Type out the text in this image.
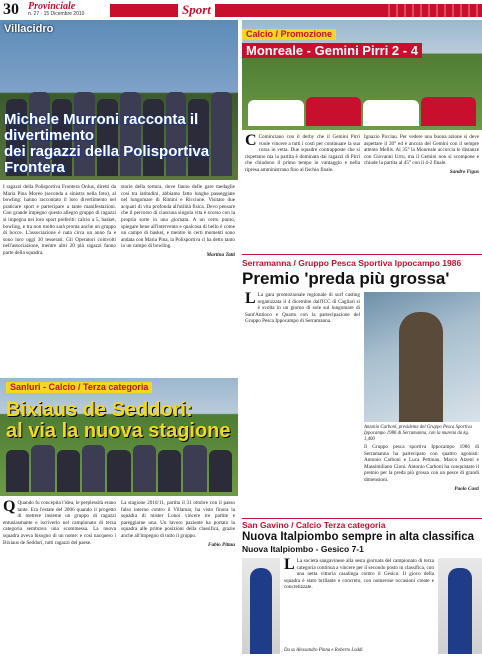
30 Provinciale
n. 27 · 15 Dicembre 2010	Sport
Villacidro
Michele Murroni racconta il divertimento
dei ragazzi della Polisportiva Frontera

I ragazzi della Polisportiva Frontera Onlus, diretti da Maria Pina Moreo (seconda a sinistra nella foto), al bowling: hanno raccontato il loro divertimento nel praticare sport e partecipare a tante manifestazioni. Con grande impegno questo allegro gruppo di ragazzi si impegna nei loro sport preferiti: calcio a 5, basket, bowling, e tra non molto sarà pronta anche un gruppo di bocce. L'associazione è nata circa un anno fa e sono loro oggi 30 tesserati. Gli Operatori coinvolti nell'associazione, mentre altri 20 più ragazzi fanno parte della squadra.

storie della tortura, dove fanno delle gare medaglie così tra latitudini, abbiamo fatto lunghe passeggiate nel lungomare di Rimini e Riccione. Visitato due acquari di vita profonda all'utilità fisica. Devo pensare che il percorso di ciascuna singola vita è scorso con la propria sorte in una giornata. A un certo punto, spiegare bene all'intervento e qualcosa di bello è come un campo di basket, e mentre in certi momenti sono andata con Maria Pina, la Polisportiva ci ha detto tanto in un campo di bowling.

Martina Tatti

Sanluri - Calcio / Terza categoria
Bixiaus de Seddori:
al via la nuova stagione

Q Quando fu concepita l'idea, le perplessità erano tante. Era l'estate del 2006 quando il progetto di mettere insieme un gruppo di ragazzi entusiasmante e iscriverlo nel campionato di terza categoria sembrava una scommessa. La nuova squadra aveva bisogno di un nome: e così nacquero i Bixiaus de Seddori, tutti ragazzi del paese.

La stagione 2010/11, partita il 31 ottobre con il passo falso interno contro il Villamar, ha visto finora la squadra di mister Lonoi vincere tre partite e pareggiarne una. Un lavoro paziente ha portato la squadra alle prime posizioni della classifica, grazie anche all'impegno di tutto il gruppo.

Fabio Pittau

Calcio / Promozione
Monreale - Gemini Pirri 2 - 4

C Cominciano con il derby che il Gemini Pirri vuole vincere a tutti i costi per continuare la sua corsa in vetta. Due squadre contrapposte che si rispettano ma la partita è dominata dai ragazzi di Pirri che chiudono il primo tempo in vantaggio e nella ripresa amministrano fino al fischio finale.

Ignazio Picciau. Per vedere una buona azione si deve aspettare il 20° ed è ancora del Gemini con il sempre attento Mellis. Al 35° la Monreale accorcia le distanze con Giovanni Urru, ma il Gemini non si scompone e chiude la partita al 45° con il 4-2 finale.

Sandro Figus

Serramanna / Gruppo Pesca Sportiva Ippocampo 1986
Premio 'preda più grossa'

L La gara promozionale regionale di surf casting organizzata il 4 dicembre dall'ICC di Cagliari si è svolta in un giorno di sole sul lungomare di Sant'Antioco e Quartu con la partecipazione del Gruppo Pesca Ippocampo di Serramanna.

Antonio Carboni, presidente del Gruppo Pesca Sportiva Ippocampo 1986 di Serramanna, con la murena da kg. 1,400

Il Gruppo pesca sportiva Ippocampo 1986 di Serramanna ha partecipato con quattro agonisti: Antonio Carboni e Luca Pettinau, Marco Atzeni e Massimiliano Cioni. Antonio Carboni ha conquistato il premio per la preda più grossa con un pesce di grandi dimensioni.

Paolo Casti

San Gavino / Calcio Terza categoria
Nuova Italpiombo sempre in alta classifica
Nuova Italpiombo - Gesico 7-1

L La società sangavinese alla sesta giornata del campionato di terza categoria continua a vincere per il secondo posto in classifica, con una netta vittoria casalinga contro il Gesico. Il gioco della squadra è stato brillante e concreto, con numerose occasioni create e concretizzate.

Da sx Alessandro Pinna e Roberto Loddi
